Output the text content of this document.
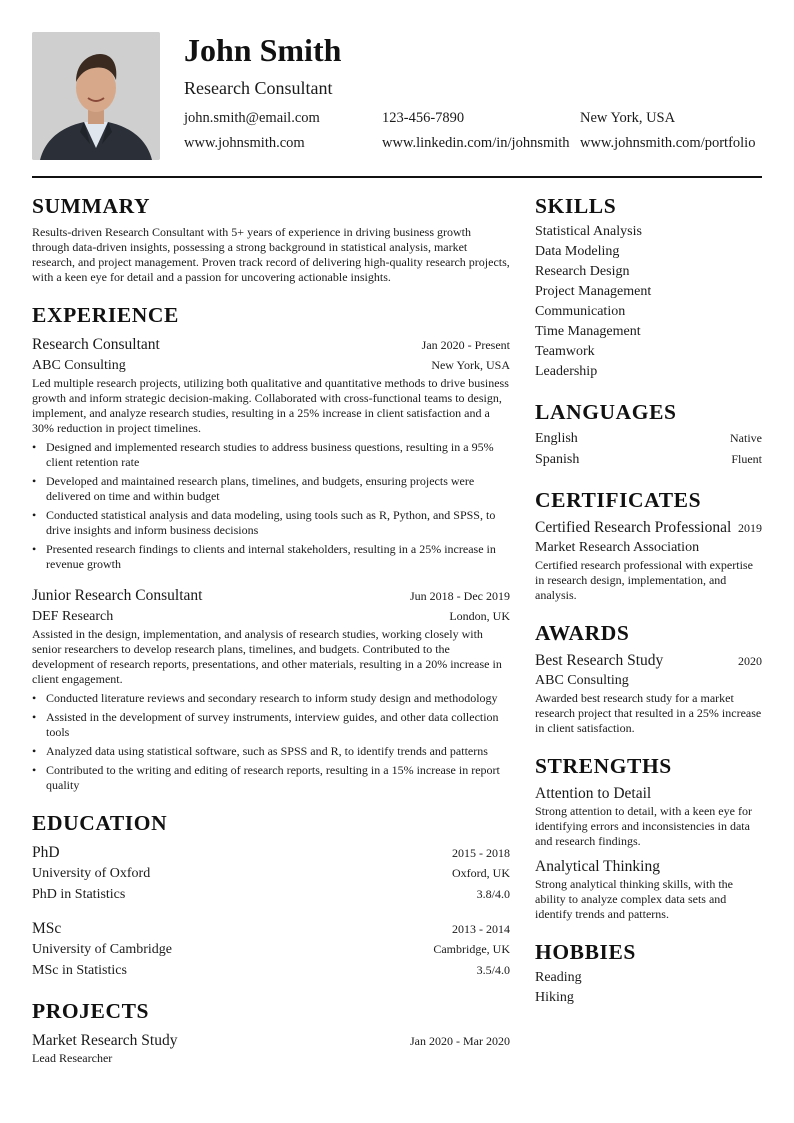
John Smith
Research Consultant
john.smith@email.com	123-456-7890	New York, USA
www.johnsmith.com	www.linkedin.com/in/johnsmith www.johnsmith.com/portfolio
SUMMARY

Results-driven Research Consultant with 5+ years of experience in driving business growth through data-driven insights, possessing a strong background in statistical analysis, market research, and project management. Proven track record of delivering high-quality research projects, with a keen eye for detail and a passion for uncovering actionable insights.

EXPERIENCE
Research Consultant	Jan 2020 - Present
ABC Consulting	New York, USA

Led multiple research projects, utilizing both qualitative and quantitative methods to drive business growth and inform strategic decision-making. Collaborated with cross-functional teams to design, implement, and analyze research studies, resulting in a 25% increase in client satisfaction and a 30% reduction in project timelines.

• Designed and implemented research studies to address business questions, resulting in a 95% client retention rate
• Developed and maintained research plans, timelines, and budgets, ensuring projects were delivered on time and within budget
• Conducted statistical analysis and data modeling, using tools such as R, Python, and SPSS, to drive insights and inform business decisions
• Presented research findings to clients and internal stakeholders, resulting in a 25% increase in revenue growth
Junior Research Consultant	Jun 2018 - Dec 2019
DEF Research	London, UK

Assisted in the design, implementation, and analysis of research studies, working closely with senior researchers to develop research plans, timelines, and budgets. Contributed to the development of research reports, presentations, and other materials, resulting in a 20% increase in client engagement.

• Conducted literature reviews and secondary research to inform study design and methodology
• Assisted in the development of survey instruments, interview guides, and other data collection tools
• Analyzed data using statistical software, such as SPSS and R, to identify trends and patterns
• Contributed to the writing and editing of research reports, resulting in a 15% increase in report quality
EDUCATION
PhD	2015 - 2018
University of Oxford	Oxford, UK
PhD in Statistics	3.8/4.0
MSc	2013 - 2014
University of Cambridge	Cambridge, UK
MSc in Statistics	3.5/4.0
PROJECTS
Market Research Study	Jan 2020 - Mar 2020
Lead Researcher
SKILLS
Statistical Analysis
Data Modeling
Research Design
Project Management
Communication
Time Management
Teamwork
Leadership
LANGUAGES
English	Native
Spanish	Fluent
CERTIFICATES
Certified Research Professional 2019
Market Research Association

Certified research professional with expertise in research design, implementation, and analysis.

AWARDS
Best Research Study	2020
ABC Consulting

Awarded best research study for a market research project that resulted in a 25% increase in client satisfaction.

STRENGTHS
Attention to Detail

Strong attention to detail, with a keen eye for identifying errors and inconsistencies in data and research findings.

Analytical Thinking

Strong analytical thinking skills, with the ability to analyze complex data sets and identify trends and patterns.

HOBBIES
Reading
Hiking
